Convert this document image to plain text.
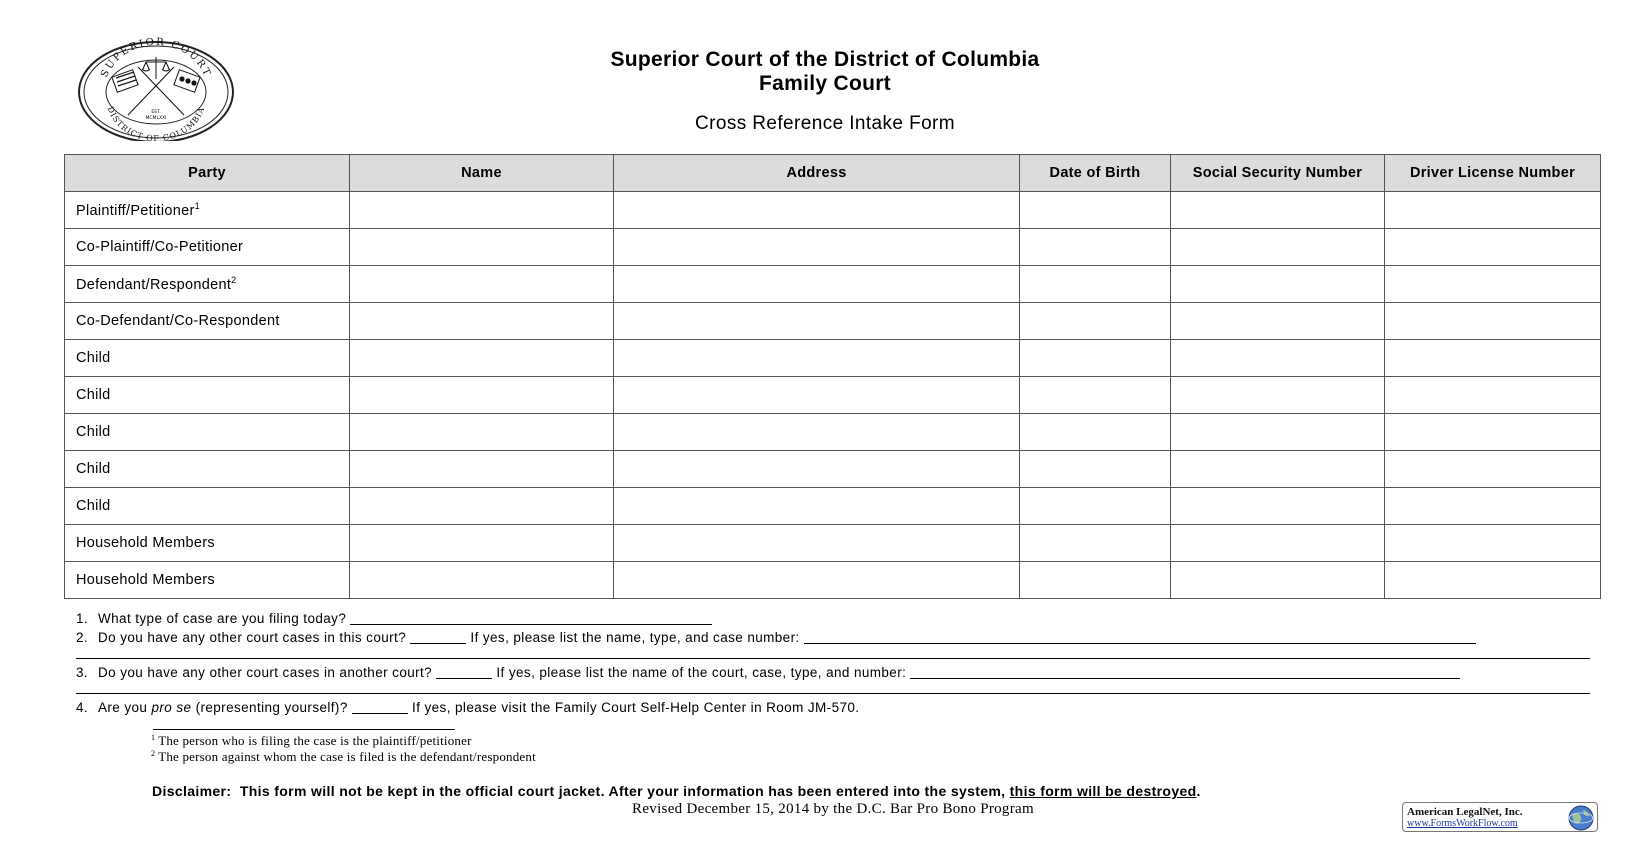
SUPERIOR COURT
DISTRICT OF COLUMBIA
EST.
MCMLXXI
Superior Court of the District of Columbia
Family Court
Cross Reference Intake Form
Party	Name	Address	Date of Birth	Social Security Number	Driver License Number
Plaintiff/Petitioner$^1$					
Co-Plaintiff/Co-Petitioner					
Defendant/Respondent$^2$					
Co-Defendant/Co-Respondent					
Child					
Child					
Child					
Child					
Child					
Household Members					
Household Members					
1. What type of case are you filing today?
2. Do you have any other court cases in this court?	If yes, please list the name, type, and case number:
3. Do you have any other court cases in another court?	If yes, please list the name of the court, case, type, and number:
4. Are you pro se (representing yourself)?	If yes, please visit the Family Court Self-Help Center in Room JM-570.
$^1$ The person who is filing the case is the plaintiff/petitioner
$^2$ The person against whom the case is filed is the defendant/respondent
Disclaimer: This form will not be kept in the official court jacket. After your information has been entered into the system, this form will be destroyed.
Revised December 15, 2014 by the D.C. Bar Pro Bono Program	American LegalNet, Inc.
www.FormsWorkFlow.com
